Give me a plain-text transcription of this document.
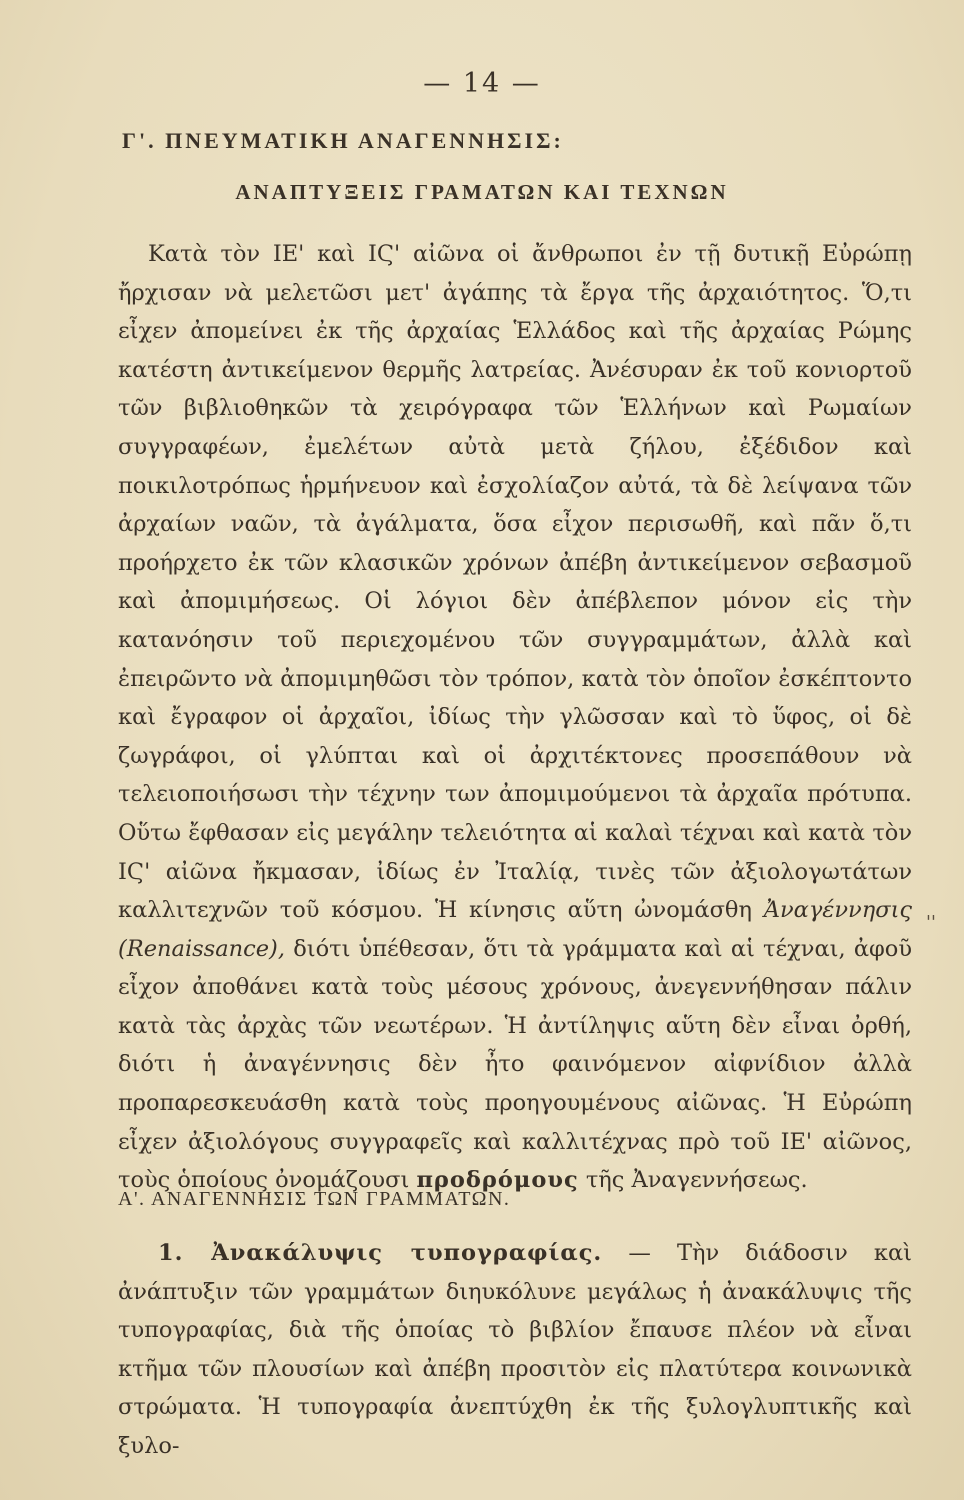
— 14 —
Γ'. ΠΝΕΥΜΑΤΙΚΗ ΑΝΑΓΕΝΝΗΣΙΣ:
ΑΝΑΠΤΥΞΕΙΣ ΓΡΑΜΑΤΩΝ ΚΑΙ ΤΕΧΝΩΝ
Κατὰ τὸν ΙΕ' καὶ ΙϚ' αἰῶνα οἱ ἄνθρωποι ἐν τῇ δυτικῇ Εὐρώπῃ ἤρχισαν νὰ μελετῶσι μετ' ἀγάπης τὰ ἔργα τῆς ἀρχαιότητος. Ὅ,τι εἶχεν ἀπομείνει ἐκ τῆς ἀρχαίας Ἑλλάδος καὶ τῆς ἀρχαίας Ρώμης κατέστη ἀντικείμενον θερμῆς λατρείας. Ἀνέσυραν ἐκ τοῦ κονιορτοῦ τῶν βιβλιοθηκῶν τὰ χειρόγραφα τῶν Ἑλλήνων καὶ Ρωμαίων συγγραφέων, ἐμελέτων αὐτὰ μετὰ ζήλου, ἐξέδιδον καὶ ποικιλοτρόπως ἡρμήνευον καὶ ἐσχολίαζον αὐτά, τὰ δὲ λείψανα τῶν ἀρχαίων ναῶν, τὰ ἀγάλματα, ὅσα εἶχον περισωθῆ, καὶ πᾶν ὅ,τι προήρχετο ἐκ τῶν κλασικῶν χρόνων ἀπέβη ἀντικείμενον σεβασμοῦ καὶ ἀπομιμήσεως. Οἱ λόγιοι δὲν ἀπέβλεπον μόνον εἰς τὴν κατανόησιν τοῦ περιεχομένου τῶν συγγραμμάτων, ἀλλὰ καὶ ἐπειρῶντο νὰ ἀπομιμηθῶσι τὸν τρόπον, κατὰ τὸν ὁποῖον ἐσκέπτοντο καὶ ἔγραφον οἱ ἀρχαῖοι, ἰδίως τὴν γλῶσσαν καὶ τὸ ὕφος, οἱ δὲ ζωγράφοι, οἱ γλύπται καὶ οἱ ἀρχιτέκτονες προσεπάθουν νὰ τελειοποιήσωσι τὴν τέχνην των ἀπομιμούμενοι τὰ ἀρχαῖα πρότυπα. Οὕτω ἔφθασαν εἰς μεγάλην τελειότητα αἱ καλαὶ τέχναι καὶ κατὰ τὸν ΙϚ' αἰῶνα ἤκμασαν, ἰδίως ἐν Ἰταλίᾳ, τινὲς τῶν ἀξιολογωτάτων καλλιτεχνῶν τοῦ κόσμου. Ἡ κίνησις αὕτη ὠνομάσθη Ἀναγέννησις (Renaissance), διότι ὑπέθεσαν, ὅτι τὰ γράμματα καὶ αἱ τέχναι, ἀφοῦ εἶχον ἀποθάνει κατὰ τοὺς μέσους χρόνους, ἀνεγεννήθησαν πάλιν κατὰ τὰς ἀρχὰς τῶν νεωτέρων. Ἡ ἀντίληψις αὕτη δὲν εἶναι ὀρθή, διότι ἡ ἀναγέννησις δὲν ἦτο φαινόμενον αἰφνίδιον ἀλλὰ προπαρεσκευάσθη κατὰ τοὺς προηγουμένους αἰῶνας. Ἡ Εὐρώπη εἶχεν ἀξιολόγους συγγραφεῖς καὶ καλλιτέχνας πρὸ τοῦ ΙΕ' αἰῶνος, τοὺς ὁποίους ὀνομάζουσι προδρόμους τῆς Ἀναγεννήσεως.
''
Α'. ΑΝΑΓΕΝΝΗΣΙΣ ΤΩΝ ΓΡΑΜΜΑΤΩΝ.
1. Ἀνακάλυψις τυπογραφίας. — Τὴν διάδοσιν καὶ ἀνάπτυξιν τῶν γραμμάτων διηυκόλυνε μεγάλως ἡ ἀνακάλυψις τῆς τυπογραφίας, διὰ τῆς ὁποίας τὸ βιβλίον ἔπαυσε πλέον νὰ εἶναι κτῆμα τῶν πλουσίων καὶ ἀπέβη προσιτὸν εἰς πλατύτερα κοινωνικὰ στρώματα. Ἡ τυπογραφία ἀνεπτύχθη ἐκ τῆς ξυλογλυπτικῆς καὶ ξυλο-
